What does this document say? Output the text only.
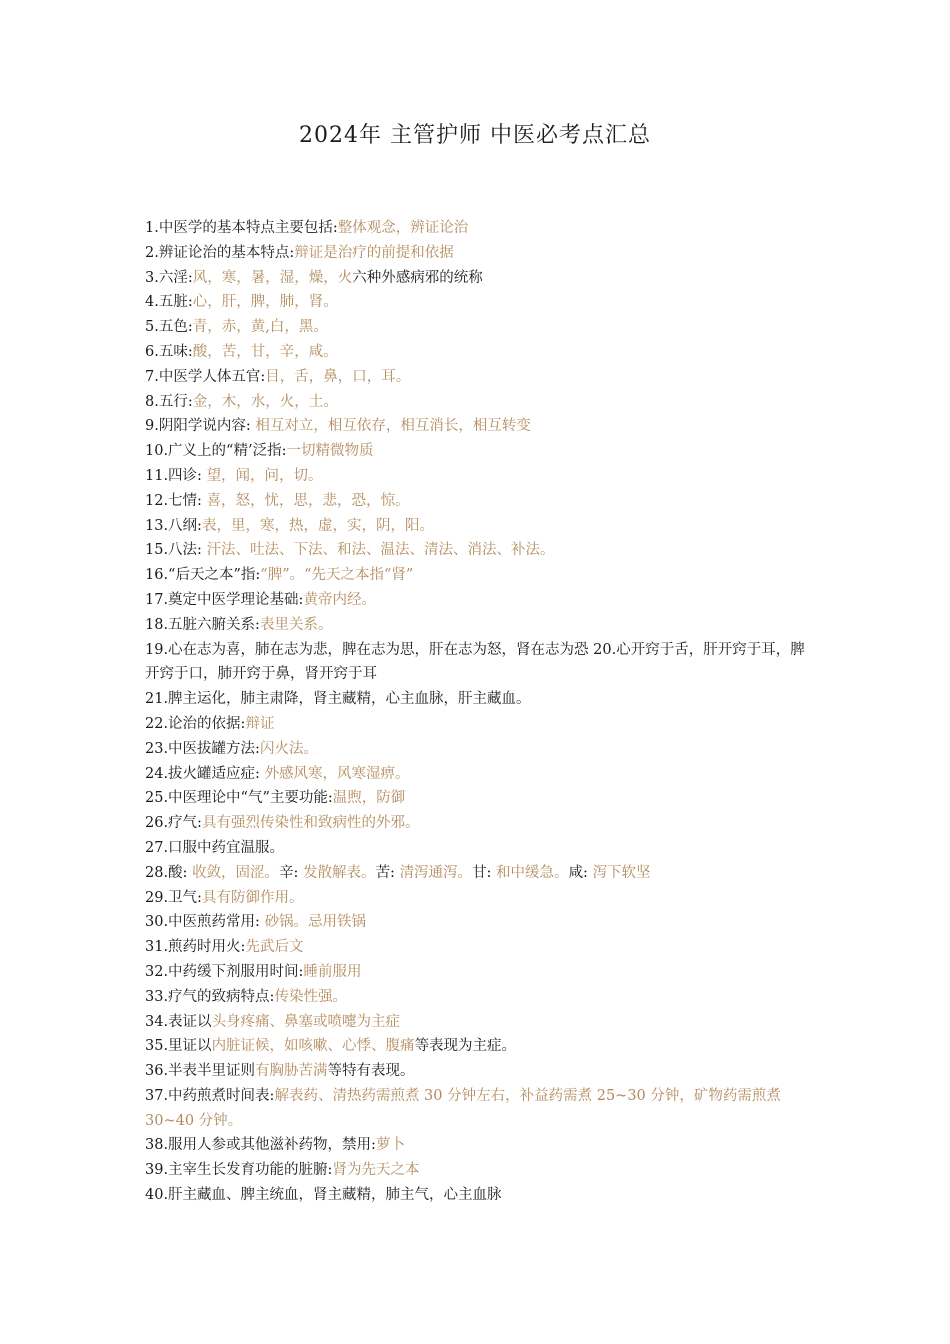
2024年 主管护师 中医必考点汇总
1.中医学的基本特点主要包括:整体观念，辨证论治
2.辨证论治的基本特点:辩证是治疗的前提和依据
3.六淫:风，寒，暑，湿，燥，火六种外感病邪的统称
4.五脏:心，肝，脾，肺，肾。
5.五色:青，赤，黄,白，黑。
6.五味:酸，苦，甘，辛，咸。
7.中医学人体五官:目，舌，鼻，口，耳。
8.五行:金，木，水，火，土。
9.阴阳学说内容: 相互对立，相互依存，相互消长，相互转变
10.广义上的“精’泛指:一切精微物质
11.四诊: 望，闻，问，切。
12.七情: 喜，怒，忧，思，悲，恐，惊。
13.八纲:表，里，寒，热，虚，实，阴，阳。
15.八法: 汗法、吐法、下法、和法、温法、清法、消法、补法。
16.“后天之本”指:“脾”。“先天之本指“肾”
17.奠定中医学理论基础:黄帝内经。
18.五脏六腑关系:表里关系。
19.心在志为喜，肺在志为悲，脾在志为思，肝在志为怒，肾在志为恐 20.心开窍于舌，肝开窍于耳，脾开窍于口，肺开窍于鼻，肾开窍于耳
21.脾主运化，肺主肃降，肾主藏精，心主血脉，肝主藏血。
22.论治的依据:辩证
23.中医拔罐方法:闪火法。
24.拔火罐适应症: 外感风寒，风寒湿痹。
25.中医理论中“气”主要功能:温煦，防御
26.疗气:具有强烈传染性和致病性的外邪。
27.口服中药宜温服。
28.酸: 收敛，固涩。辛: 发散解表。苦: 清泻通泻。甘: 和中缓急。咸: 泻下软坚
29.卫气:具有防御作用。
30.中医煎药常用: 砂锅。忌用铁锅
31.煎药时用火:先武后文
32.中药缓下剂服用时间:睡前服用
33.疗气的致病特点:传染性强。
34.表证以头身疼痛、鼻塞或喷嚏为主症
35.里证以内脏证候，如咳嗽、心悸、腹痛等表现为主症。
36.半表半里证则有胸胁苦满等特有表现。
37.中药煎煮时间表:解表药、清热药需煎煮 30 分钟左右，补益药需煮 25~30 分钟，矿物药需煎煮 30~40 分钟。
38.服用人参或其他滋补药物，禁用:萝卜
39.主宰生长发育功能的脏腑:肾为先天之本
40.肝主藏血、脾主统血，肾主藏精，肺主气，心主血脉
